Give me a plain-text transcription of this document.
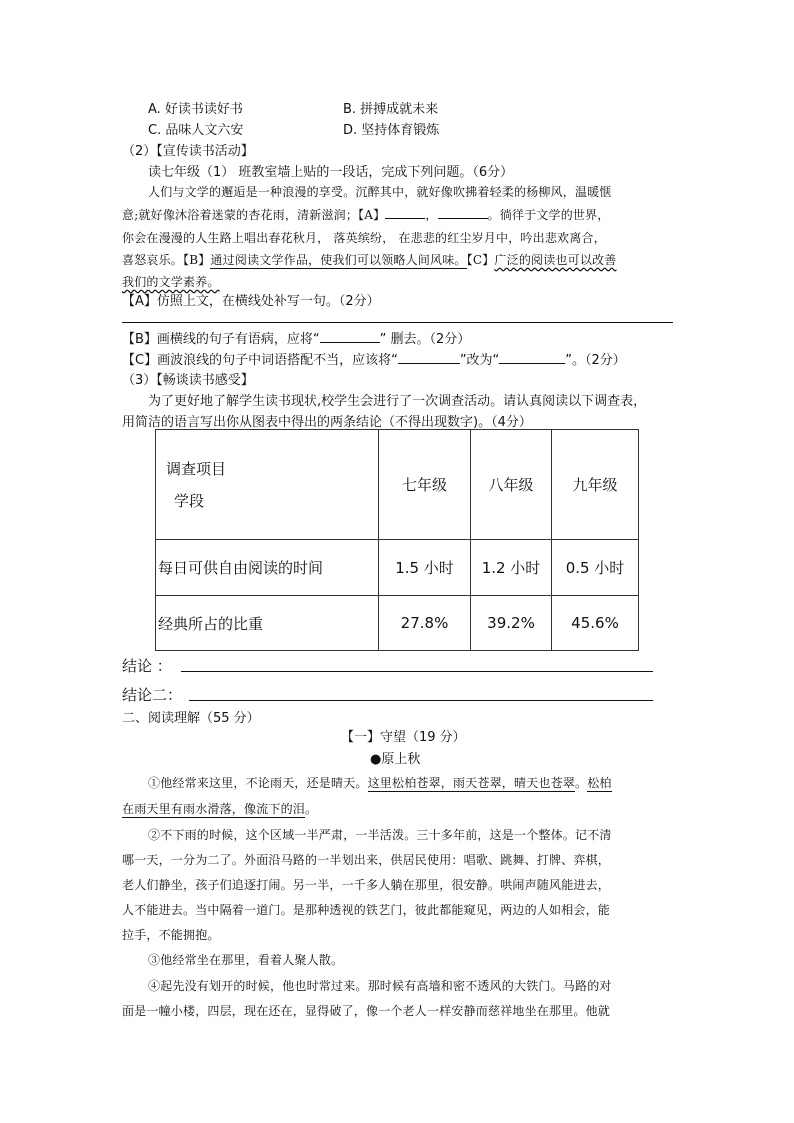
A. 好读书读好书	B. 拼搏成就未来
C. 品味人文六安	D. 坚持体育锻炼
（2）【宣传读书活动】
读七年级（1） 班教室墙上贴的一段话，完成下列问题。（6分）
人们与文学的邂逅是一种浪漫的享受。沉醉其中，就好像吹拂着轻柔的杨柳风，温暖惬
意;就好像沐浴着迷蒙的杏花雨，清新滋润；【A】	，	。徜徉于文学的世界，
你会在漫漫的人生路上唱出春花秋月， 落英缤纷， 在悲悲的红尘岁月中，吟出悲欢离合，
喜怒哀乐。【B】通过阅读文学作品，使我们可以领略人间风味。【C】广泛的阅读也可以改善
我们的文学素养。
【A】仿照上文，在横线处补写一句。（2分）
【B】画横线的句子有语病，应将“	” 删去。（2分）
【C】画波浪线的句子中词语搭配不当，应该将“	”改为“	”。（2分）
（3）【畅谈读书感受】
为了更好地了解学生读书现状,校学生会进行了一次调查活动。请认真阅读以下调查表，
用简洁的语言写出你从图表中得出的两条结论（不得出现数字)。（4分）
调查项目
学段	七年级	八年级	九年级
每日可供自由阅读的时间	1.5 小时	1.2 小时	0.5 小时
经典所占的比重	27.8%	39.2%	45.6%
结论 ：
结论二：
二、阅读理解（55 分）
【一】守望（19 分）
●原上秋
①他经常来这里，不论雨天，还是晴天。这里松柏苍翠，雨天苍翠，晴天也苍翠。松柏
在雨天里有雨水滑落，像流下的泪。
②不下雨的时候，这个区域一半严肃，一半活泼。三十多年前，这是一个整体。记不清
哪一天，一分为二了。外面沿马路的一半划出来，供居民使用：唱歌、跳舞、打牌、弈棋，
老人们静坐，孩子们追逐打闹。另一半，一千多人躺在那里，很安静。哄闹声随风能进去，
人不能进去。当中隔着一道门。是那种透视的铁艺门，彼此都能窥见，两边的人如相会，能
拉手，不能拥抱。
③他经常坐在那里，看着人聚人散。
④起先没有划开的时候，他也时常过来。那时候有高墙和密不透风的大铁门。马路的对
面是一幢小楼，四层，现在还在，显得破了，像一个老人一样安静而慈祥地坐在那里。他就
